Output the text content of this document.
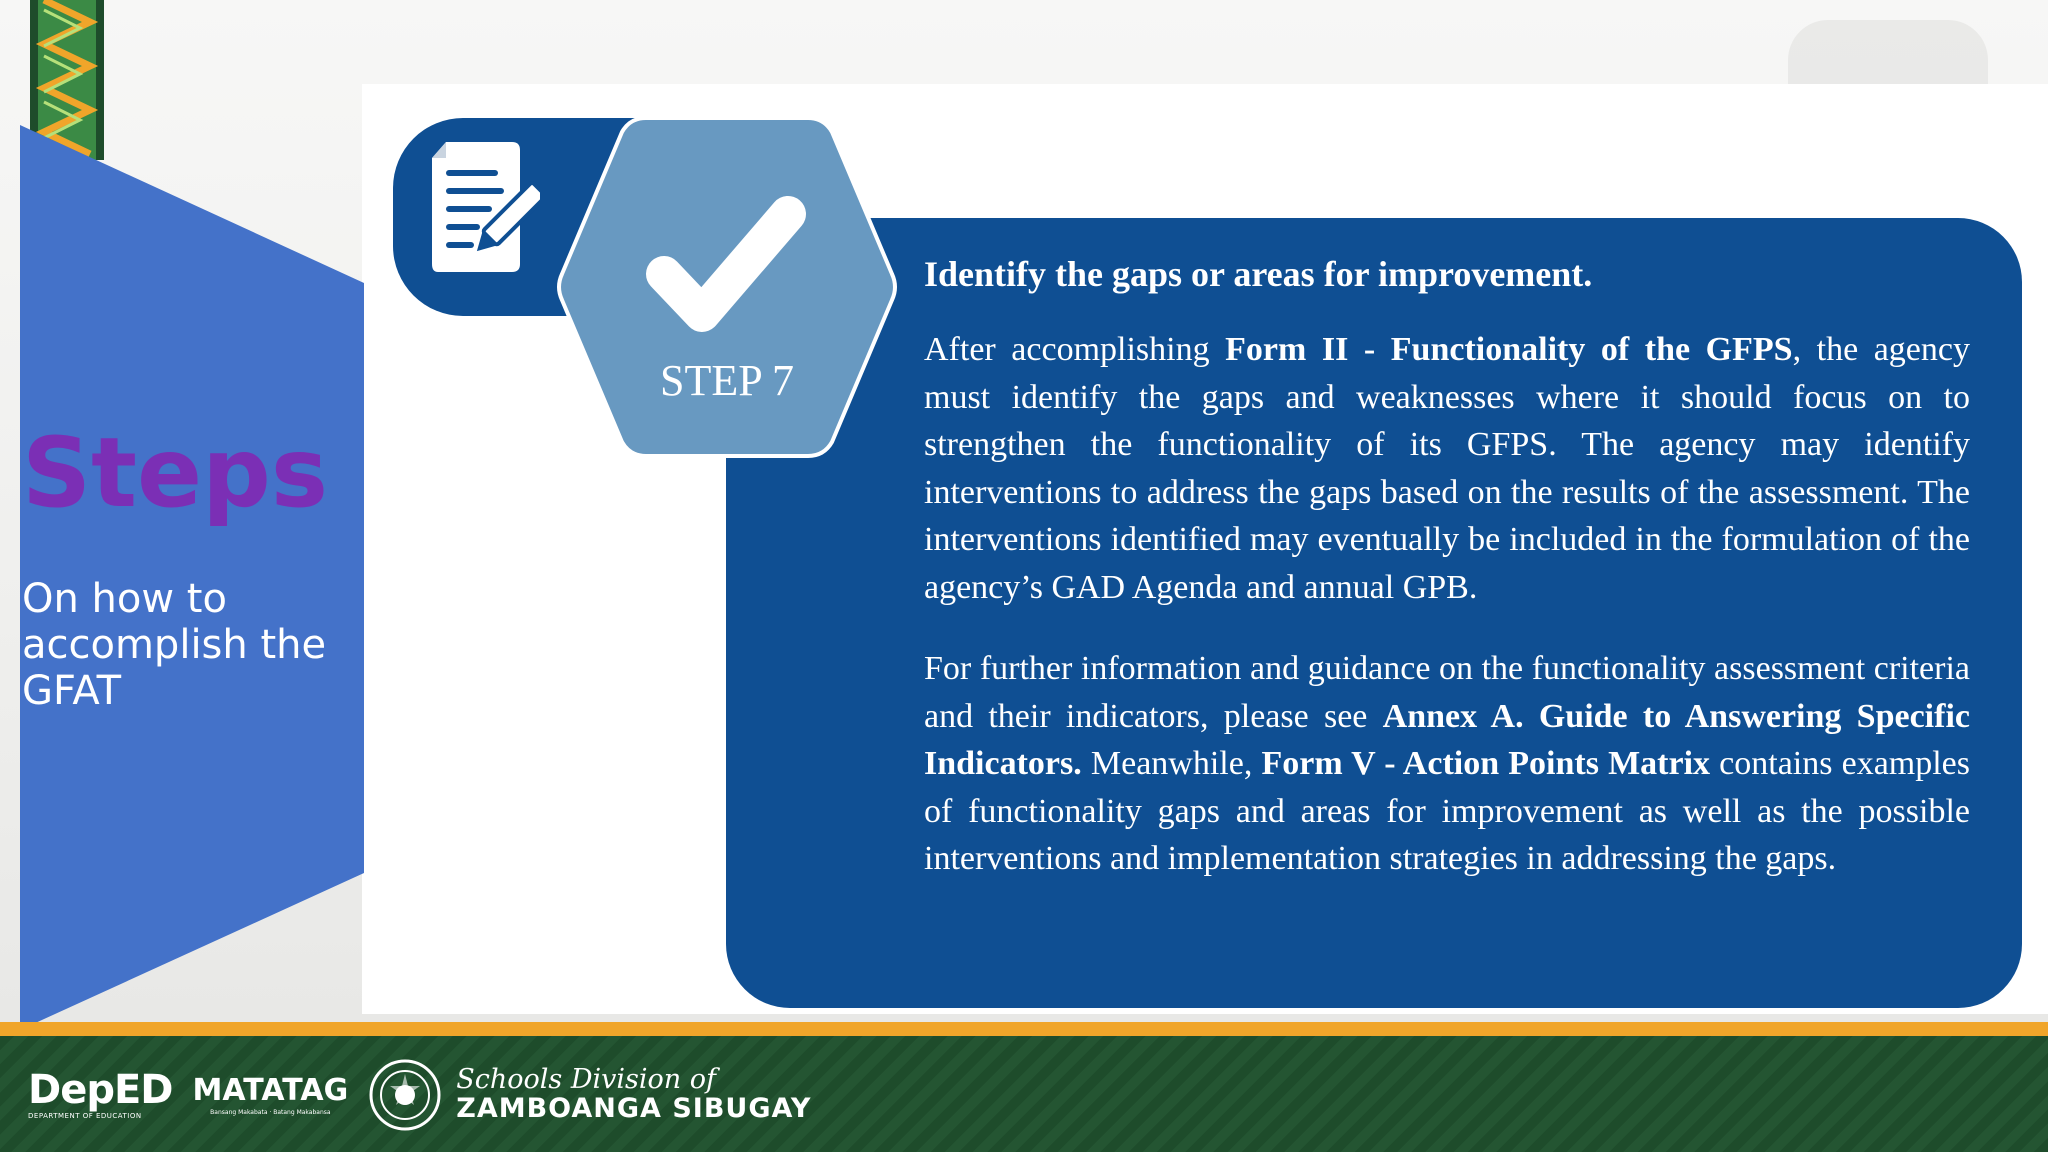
Steps

On how to accomplish the GFAT

STEP 7

Identify the gaps or areas for improvement.

After accomplishing Form II - Functionality of the GFPS, the agency must identify the gaps and weaknesses where it should focus on to strengthen the functionality of its GFPS. The agency may identify interventions to address the gaps based on the results of the assessment. The interventions identified may eventually be included in the formulation of the agency’s GAD Agenda and annual GPB.

For further information and guidance on the functionality assessment criteria and their indicators, please see Annex A. Guide to Answering Specific Indicators. Meanwhile, Form V - Action Points Matrix contains examples of functionality gaps and areas for improvement as well as the possible interventions and implementation strategies in addressing the gaps.

DepED
DEPARTMENT OF EDUCATION
MATATAG
Bansang Makabata · Batang Makabansa
Schools Division of
ZAMBOANGA SIBUGAY
